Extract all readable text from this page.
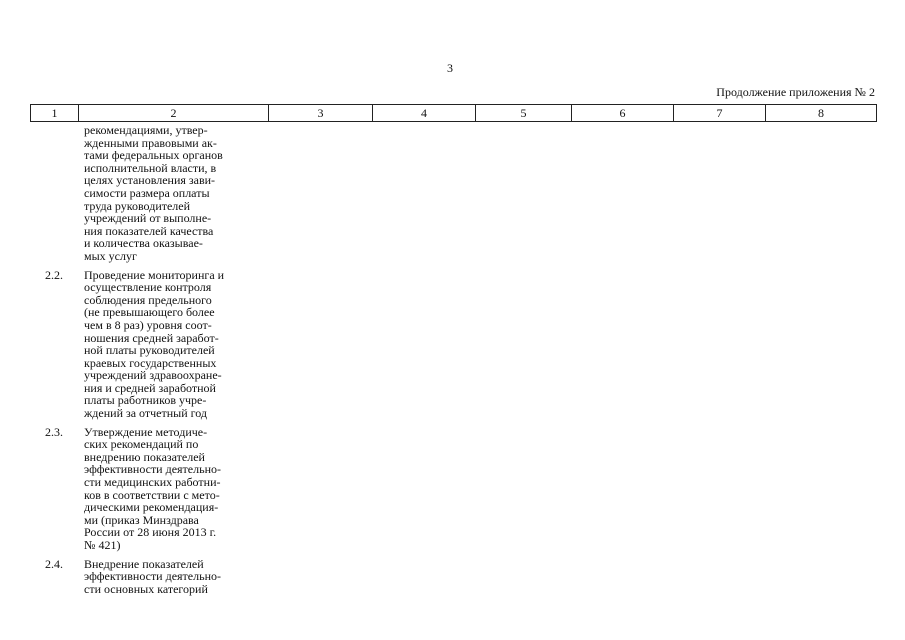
3
Продолжение приложения № 2
1	2	3	4	5	6	7	8
рекомендациями, утвер-
жденными правовыми ак-
тами федеральных органов
исполнительной власти, в
целях установления зави-
симости размера оплаты
труда руководителей
учреждений от выполне-
ния показателей качества
и количества оказывае-
мых услуг
2.2.	Проведение мониторинга и
осуществление контроля
соблюдения предельного
(не превышающего более
чем в 8 раз) уровня соот-
ношения средней заработ-
ной платы руководителей
краевых государственных
учреждений здравоохране-
ния и средней заработной
платы работников учре-
ждений за отчетный год
2.3.	Утверждение методиче-
ских рекомендаций по
внедрению показателей
эффективности деятельно-
сти медицинских работни-
ков в соответствии с мето-
дическими рекомендация-
ми (приказ Минздрава
России от 28 июня 2013 г.
№ 421)
2.4.	Внедрение показателей
эффективности деятельно-
сти основных категорий
